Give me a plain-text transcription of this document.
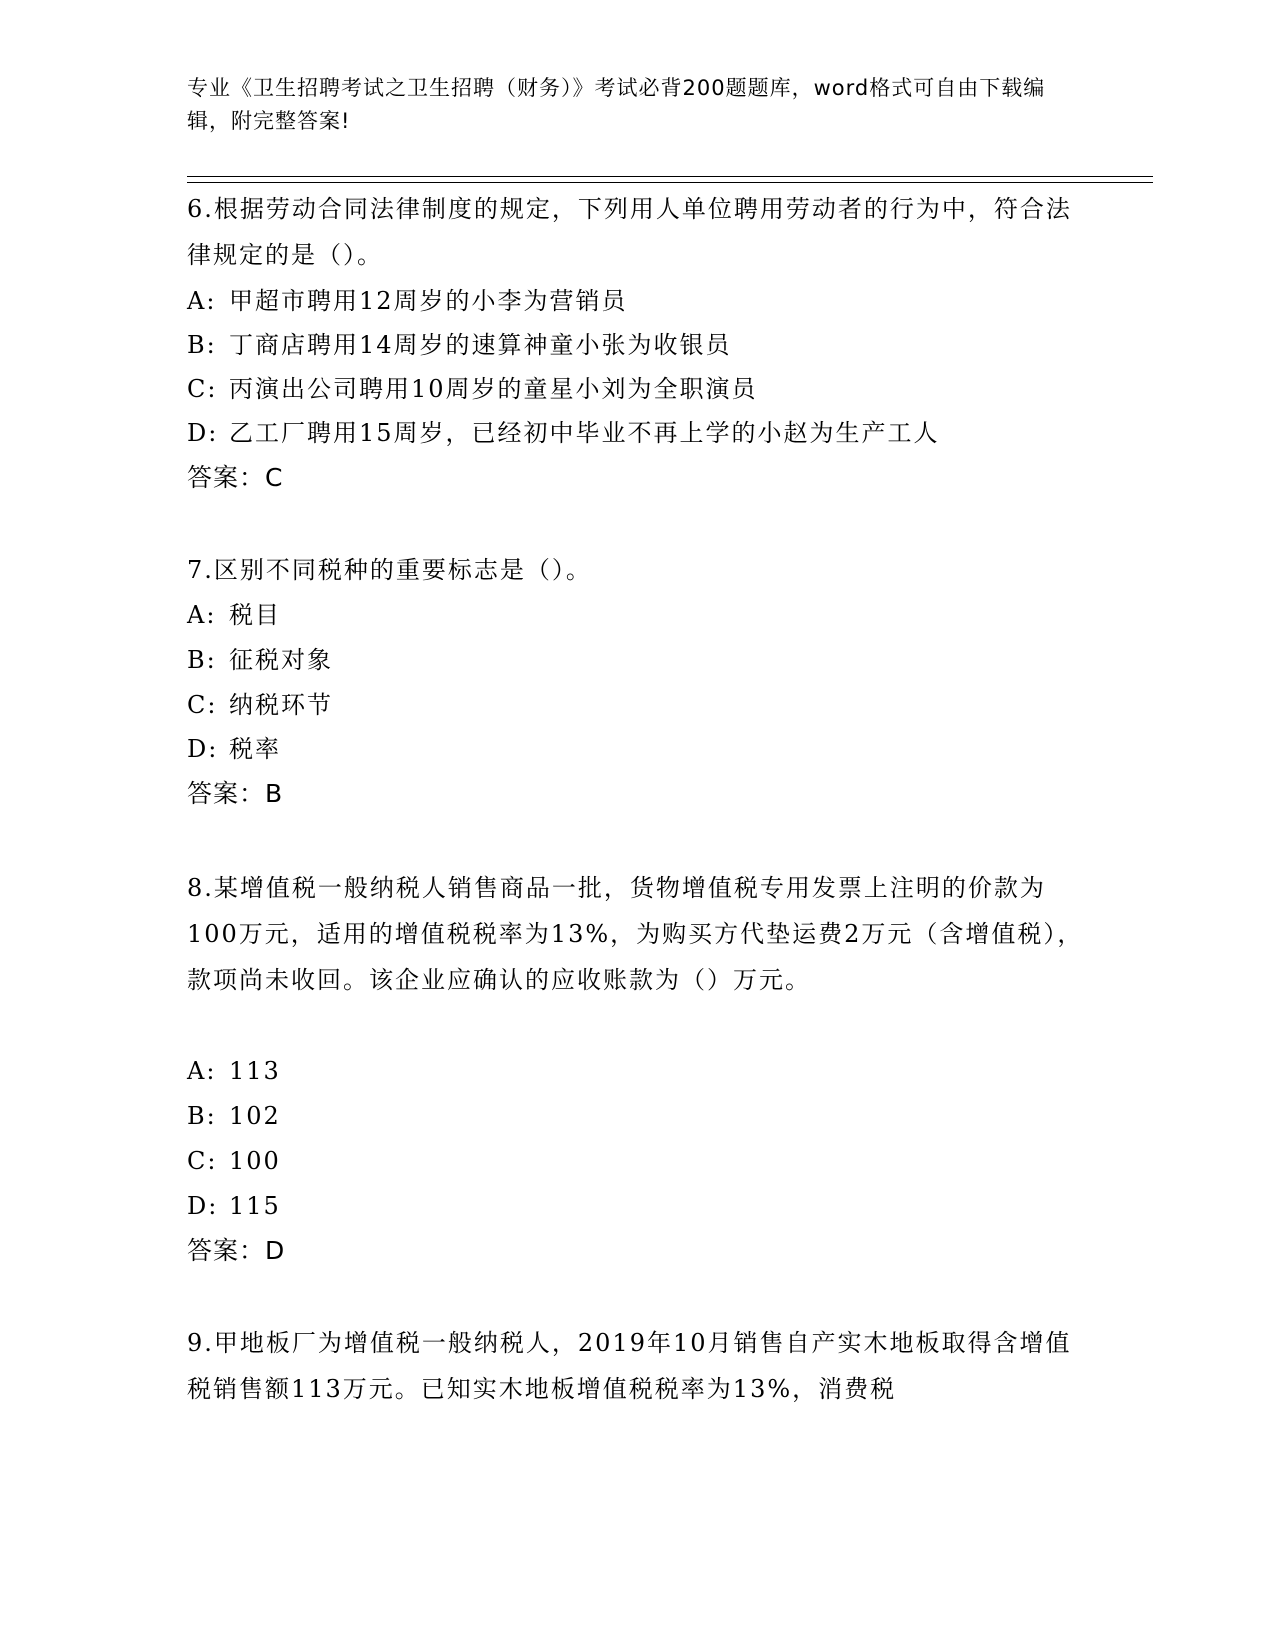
专业《卫生招聘考试之卫生招聘（财务）》考试必背200题题库，word格式可自由下载编辑，附完整答案!
6.根据劳动合同法律制度的规定，下列用人单位聘用劳动者的行为中，符合法律规定的是（）。
A: 甲超市聘用12周岁的小李为营销员
B: 丁商店聘用14周岁的速算神童小张为收银员
C: 丙演出公司聘用10周岁的童星小刘为全职演员
D: 乙工厂聘用15周岁，已经初中毕业不再上学的小赵为生产工人
答案：C
7.区别不同税种的重要标志是（）。
A: 税目
B: 征税对象
C: 纳税环节
D: 税率
答案：B
8.某增值税一般纳税人销售商品一批，货物增值税专用发票上注明的价款为100万元，适用的增值税税率为13%，为购买方代垫运费2万元（含增值税），款项尚未收回。该企业应确认的应收账款为（）万元。
A: 113
B: 102
C: 100
D: 115
答案：D
9.甲地板厂为增值税一般纳税人，2019年10月销售自产实木地板取得含增值税销售额113万元。已知实木地板增值税税率为13%，消费税
